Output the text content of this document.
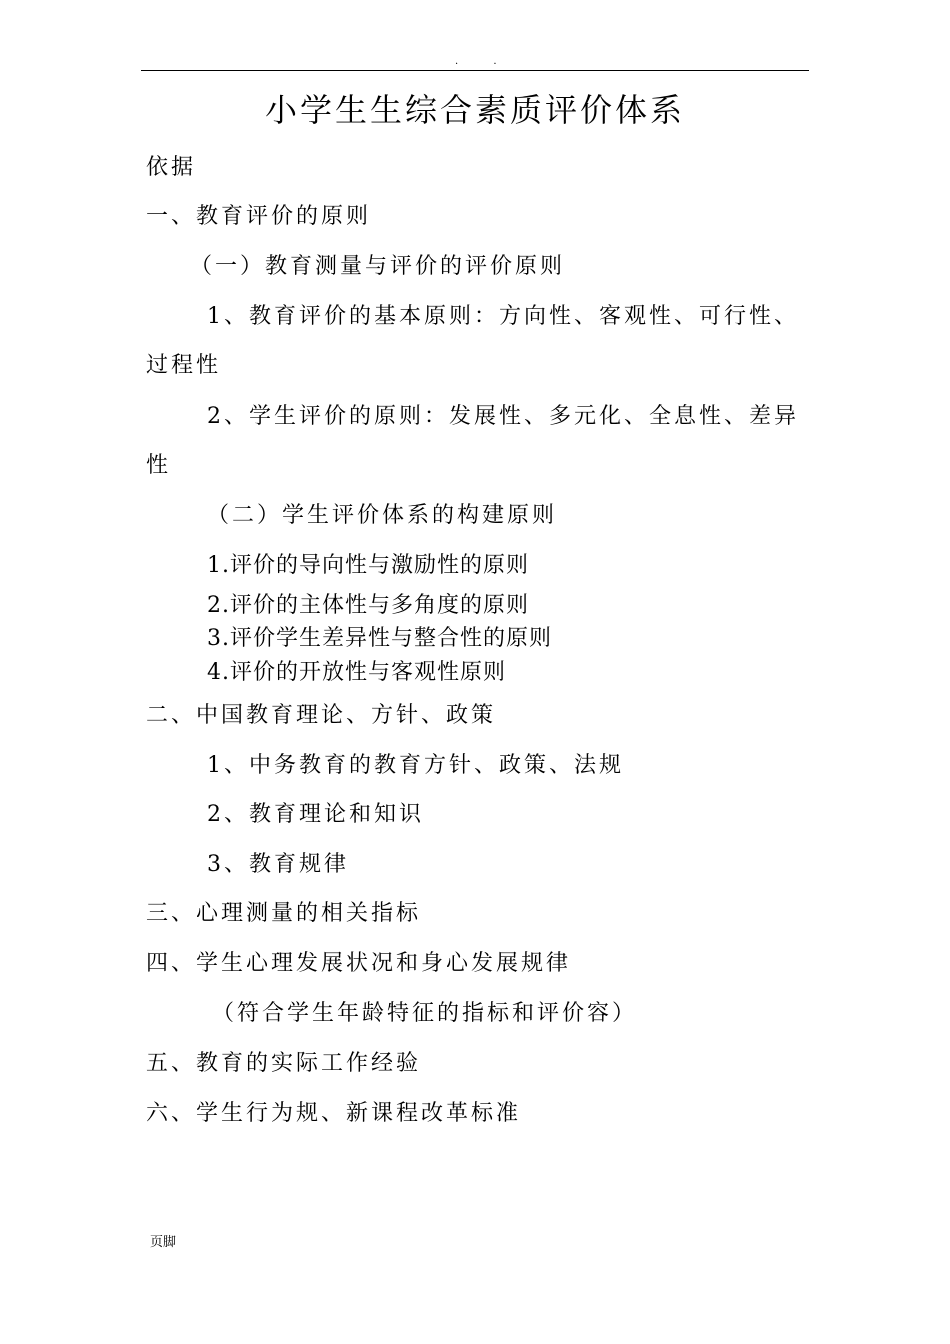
. .
小学生生综合素质评价体系
依据
一、教育评价的原则
（一）教育测量与评价的评价原则
1、教育评价的基本原则：方向性、客观性、可行性、
过程性
2、学生评价的原则：发展性、多元化、全息性、差异
性
（二）学生评价体系的构建原则
1.评价的导向性与激励性的原则
2.评价的主体性与多角度的原则
3.评价学生差异性与整合性的原则
4.评价的开放性与客观性原则
二、中国教育理论、方针、政策
1、中务教育的教育方针、政策、法规
2、教育理论和知识
3、教育规律
三、心理测量的相关指标
四、学生心理发展状况和身心发展规律
（符合学生年龄特征的指标和评价容）
五、教育的实际工作经验
六、学生行为规、新课程改革标准
页脚
